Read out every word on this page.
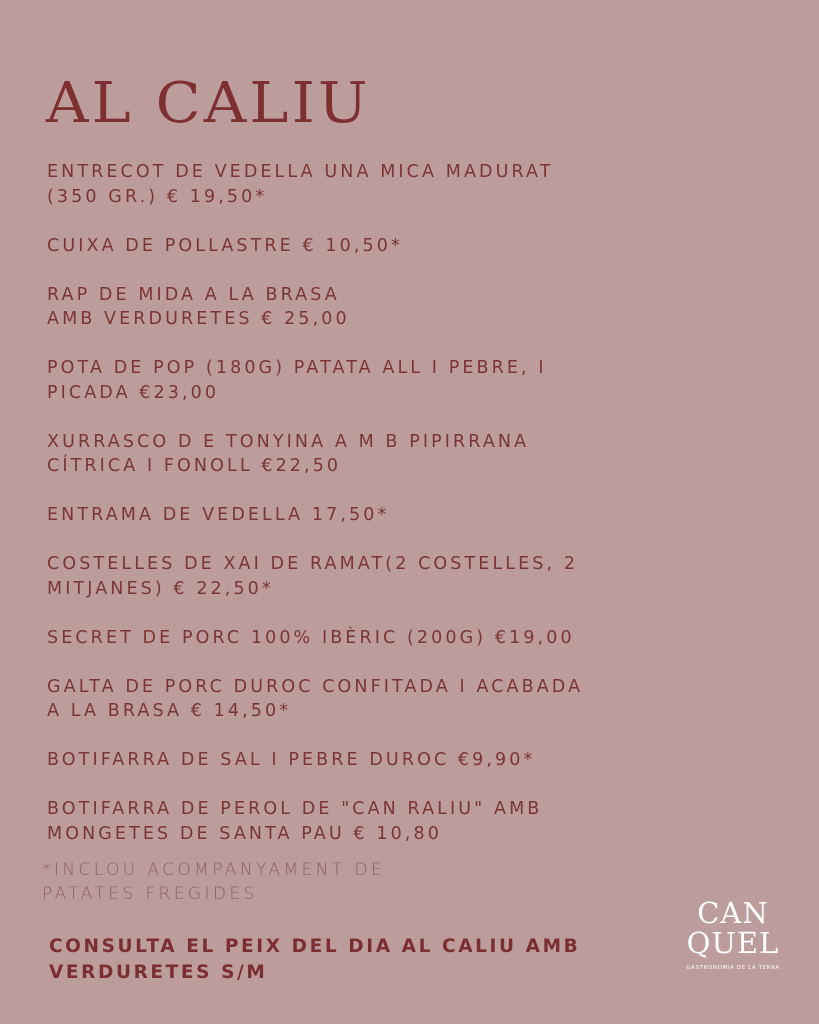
AL CALIU
ENTRECOT DE VEDELLA UNA MICA MADURAT
(350 GR.) € 19,50*
CUIXA DE POLLASTRE € 10,50*
RAP DE MIDA A LA BRASA
AMB VERDURETES € 25,00
POTA DE POP (180G) PATATA ALL I PEBRE, I
PICADA €23,00
XURRASCO D E TONYINA A M B PIPIRRANA
CÍTRICA I FONOLL €22,50
ENTRAMA DE VEDELLA 17,50*
COSTELLES DE XAI DE RAMAT(2 COSTELLES, 2
MITJANES) € 22,50*
SECRET DE PORC 100% IBÈRIC (200G) €19,00
GALTA DE PORC DUROC CONFITADA I ACABADA
A LA BRASA € 14,50*
BOTIFARRA DE SAL I PEBRE DUROC €9,90*
BOTIFARRA DE PEROL DE "CAN RALIU" AMB
MONGETES DE SANTA PAU € 10,80
*INCLOU ACOMPANYAMENT DE
PATATES FREGIDES
CONSULTA EL PEIX DEL DIA AL CALIU AMB
VERDURETES S/M
CAN
QUEL
GASTRONOMIA DE LA TERRA
